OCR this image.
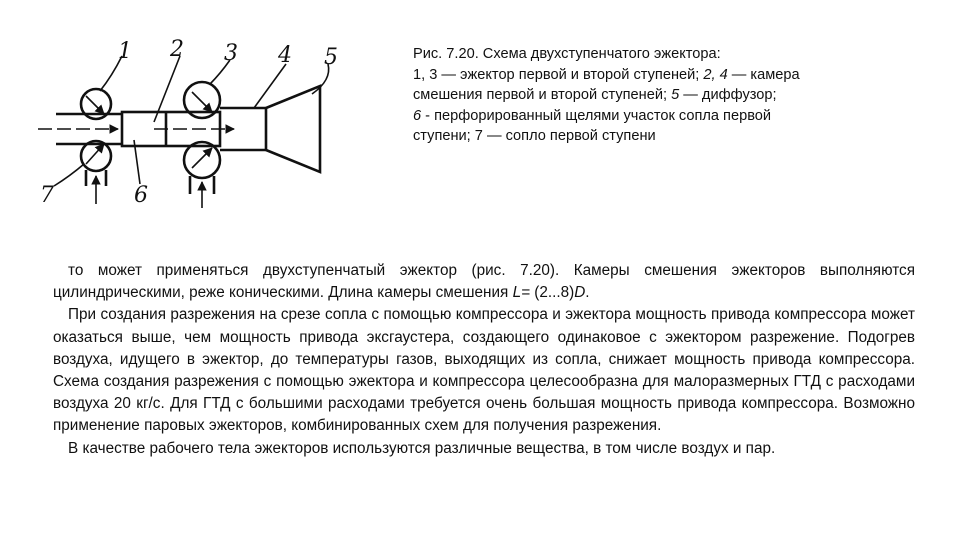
1 2 3 4 5
7	6
Рис. 7.20. Схема двухступенчатого эжектора:
1, 3 — эжектор первой и второй ступеней; 2, 4 — камера
смешения первой и второй ступеней; 5 — диффузор;
6 - перфорированный щелями участок сопла первой
ступени; 7 — сопло первой ступени

то может применяться двухступенчатый эжектор (рис. 7.20). Камеры смешения эжекторов выполняются цилиндрическими, реже коническими. Длина камеры смешения L= (2...8)D.

При создания разрежения на срезе сопла с помощью компрессора и эжектора мощность привода компрессора может оказаться выше, чем мощность привода эксгаустера, создающего одинаковое с эжектором разрежение. Подогрев воздуха, идущего в эжектор, до температуры газов, выходящих из сопла, снижает мощность привода компрессора. Схема создания разрежения с помощью эжектора и компрессора целесообразна для малоразмерных ГТД с расходами воздуха 20 кг/с. Для ГТД с большими расходами требуется очень большая мощность привода компрессора. Возможно применение паровых эжекторов, комбинированных схем для получения разрежения.

В качестве рабочего тела эжекторов используются различные вещества, в том числе воздух и пар.
